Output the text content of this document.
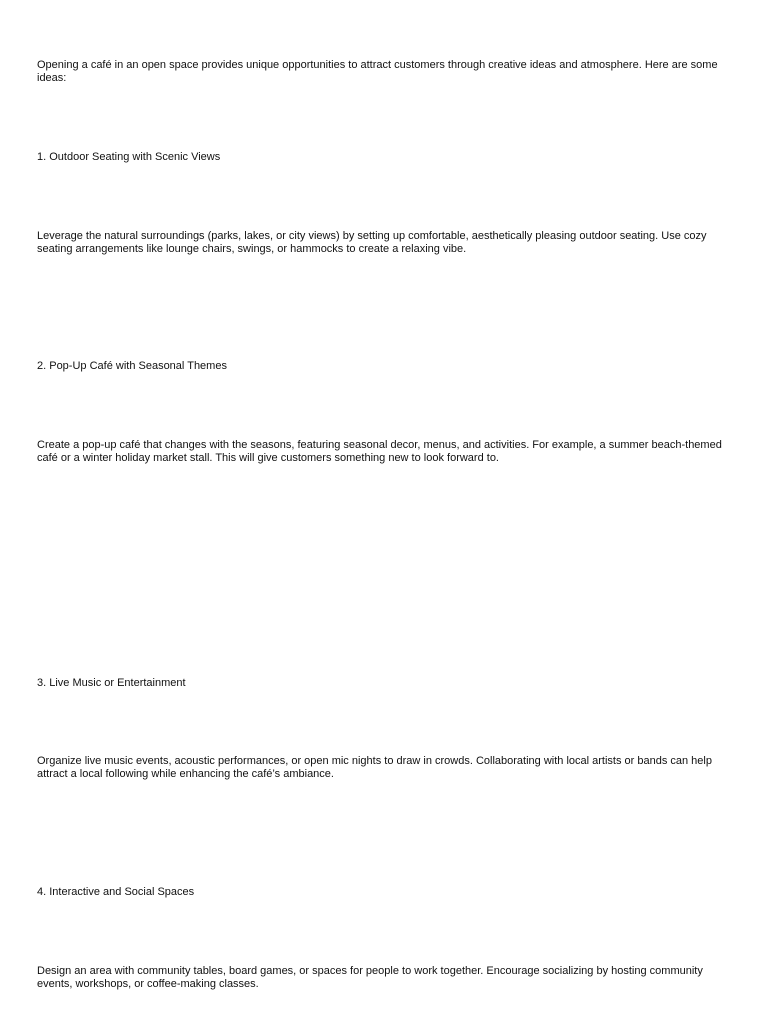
Opening a café in an open space provides unique opportunities to attract customers through creative ideas and atmosphere. Here are some ideas:

1. Outdoor Seating with Scenic Views

Leverage the natural surroundings (parks, lakes, or city views) by setting up comfortable, aesthetically pleasing outdoor seating. Use cozy seating arrangements like lounge chairs, swings, or hammocks to create a relaxing vibe.

2. Pop-Up Café with Seasonal Themes

Create a pop-up café that changes with the seasons, featuring seasonal decor, menus, and activities. For example, a summer beach-themed café or a winter holiday market stall. This will give customers something new to look forward to.

3. Live Music or Entertainment

Organize live music events, acoustic performances, or open mic nights to draw in crowds. Collaborating with local artists or bands can help attract a local following while enhancing the café’s ambiance.

4. Interactive and Social Spaces

Design an area with community tables, board games, or spaces for people to work together. Encourage socializing by hosting community events, workshops, or coffee-making classes.
